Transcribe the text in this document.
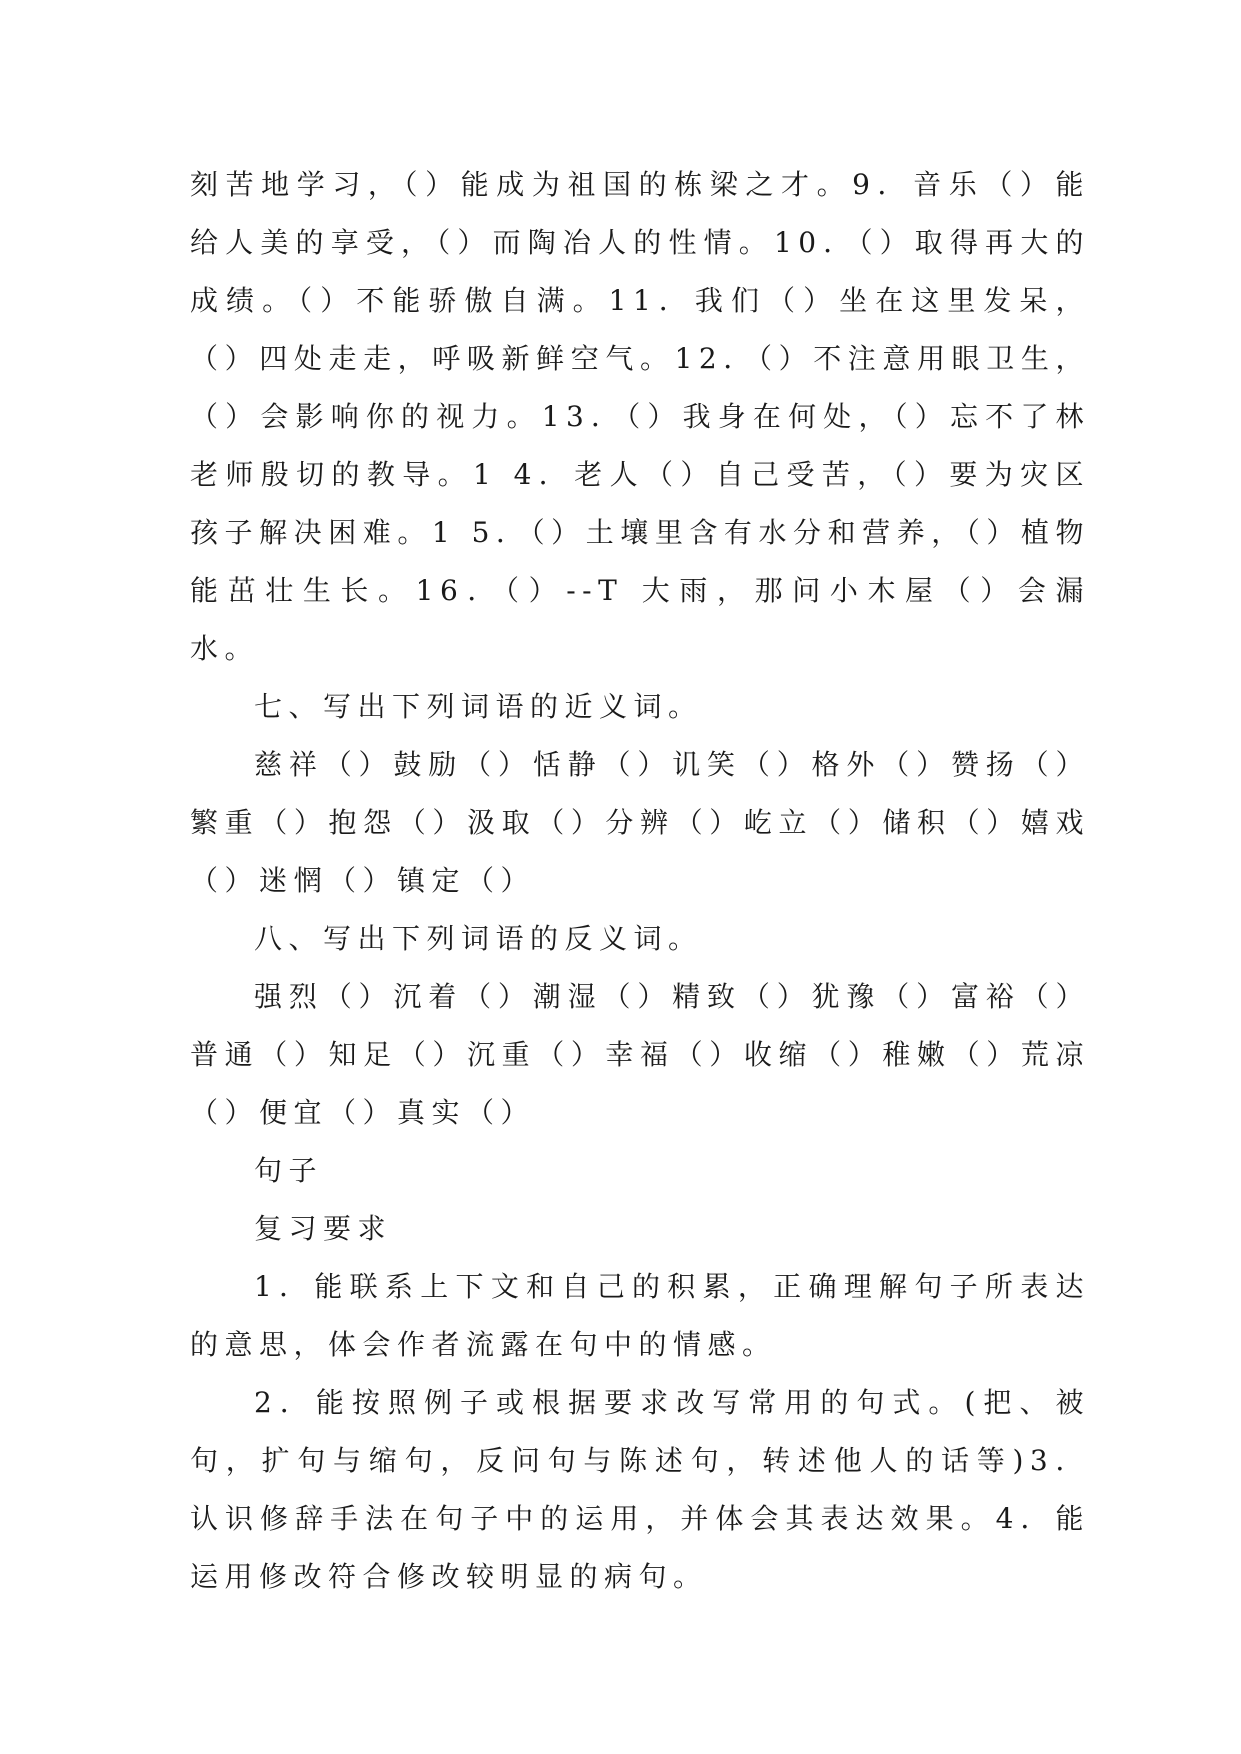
刻苦地学习，（）能成为祖国的栋梁之才。9．音乐（）能给人美的享受，（）而陶冶人的性情。10．（）取得再大的成绩。（）不能骄傲自满。11．我们（）坐在这里发呆，（）四处走走，呼吸新鲜空气。12．（）不注意用眼卫生，（）会影响你的视力。13．（）我身在何处，（）忘不了林老师殷切的教导。1 4．老人（）自己受苦，（）要为灾区孩子解决困难。1 5．（）土壤里含有水分和营养，（）植物能茁壮生长。16．（）--T 大雨，那问小木屋（）会漏水。

七、写出下列词语的近义词。

慈祥（）鼓励（）恬静（）讥笑（）格外（）赞扬（）繁重（）抱怨（）汲取（）分辨（）屹立（）储积（）嬉戏（）迷惘（）镇定（）

八、写出下列词语的反义词。

强烈（）沉着（）潮湿（）精致（）犹豫（）富裕（）普通（）知足（）沉重（）幸福（）收缩（）稚嫩（）荒凉（）便宜（）真实（）

句子

复习要求

1．能联系上下文和自己的积累，正确理解句子所表达的意思，体会作者流露在句中的情感。

2．能按照例子或根据要求改写常用的句式。(把、被句，扩句与缩句，反问句与陈述句，转述他人的话等)3．认识修辞手法在句子中的运用，并体会其表达效果。4．能运用修改符合修改较明显的病句。
